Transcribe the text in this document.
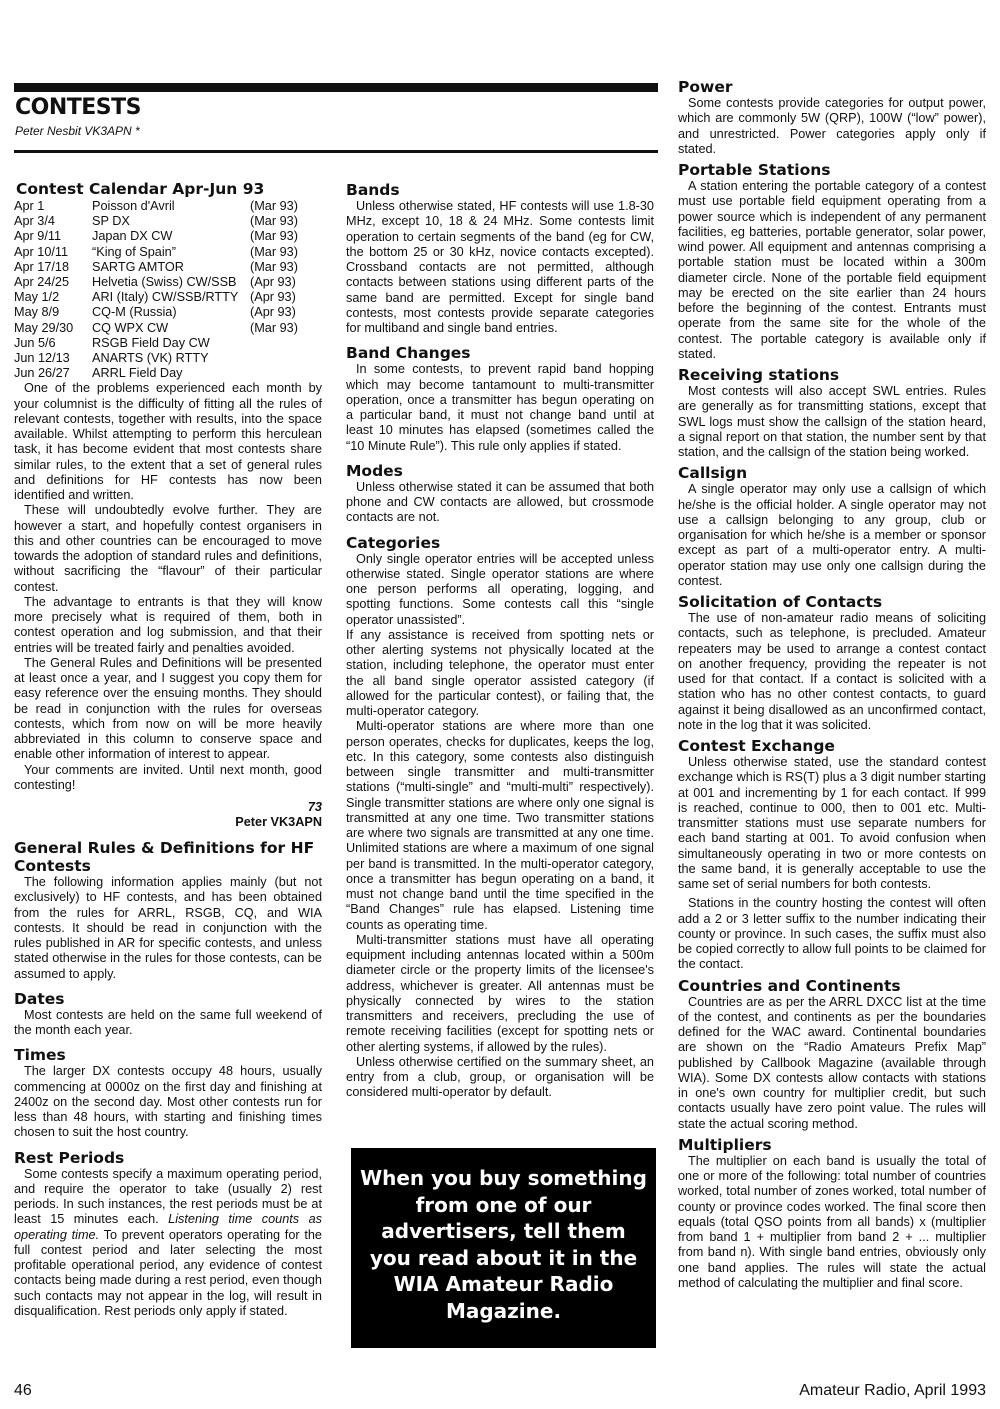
CONTESTS
Peter Nesbit VK3APN *
Contest Calendar Apr-Jun 93
Apr 1	Poisson d'Avril	(Mar 93)
Apr 3/4	SP DX	(Mar 93)
Apr 9/11	Japan DX CW	(Mar 93)
Apr 10/11	“King of Spain”	(Mar 93)
Apr 17/18	SARTG AMTOR	(Mar 93)
Apr 24/25	Helvetia (Swiss) CW/SSB	(Apr 93)
May 1/2	ARI (Italy) CW/SSB/RTTY	(Apr 93)
May 8/9	CQ-M (Russia)	(Apr 93)
May 29/30	CQ WPX CW	(Mar 93)
Jun 5/6	RSGB Field Day CW	
Jun 12/13	ANARTS (VK) RTTY	
Jun 26/27	ARRL Field Day	

One of the problems experienced each month by your columnist is the difficulty of fitting all the rules of relevant contests, together with results, into the space available. Whilst attempting to perform this herculean task, it has become evident that most contests share similar rules, to the extent that a set of general rules and definitions for HF contests has now been identified and written.

These will undoubtedly evolve further. They are however a start, and hopefully contest organisers in this and other countries can be encouraged to move towards the adoption of standard rules and definitions, without sacrificing the “flavour” of their particular contest.

The advantage to entrants is that they will know more precisely what is required of them, both in contest operation and log submission, and that their entries will be treated fairly and penalties avoided.

The General Rules and Definitions will be presented at least once a year, and I suggest you copy them for easy reference over the ensuing months. They should be read in conjunction with the rules for overseas contests, which from now on will be more heavily abbreviated in this column to conserve space and enable other information of interest to appear.

Your comments are invited. Until next month, good contesting!

73
Peter VK3APN
General Rules & Definitions for HF Contests

The following information applies mainly (but not exclusively) to HF contests, and has been obtained from the rules for ARRL, RSGB, CQ, and WIA contests. It should be read in conjunction with the rules published in AR for specific contests, and unless stated otherwise in the rules for those contests, can be assumed to apply.

Dates

Most contests are held on the same full weekend of the month each year.

Times

The larger DX contests occupy 48 hours, usually commencing at 0000z on the first day and finishing at 2400z on the second day. Most other contests run for less than 48 hours, with starting and finishing times chosen to suit the host country.

Rest Periods

Some contests specify a maximum operating period, and require the operator to take (usually 2) rest periods. In such instances, the rest periods must be at least 15 minutes each. Listening time counts as operating time. To prevent operators operating for the full contest period and later selecting the most profitable operational period, any evidence of contest contacts being made during a rest period, even though such contacts may not appear in the log, will result in disqualification. Rest periods only apply if stated.

Bands

Unless otherwise stated, HF contests will use 1.8-30 MHz, except 10, 18 & 24 MHz. Some contests limit operation to certain segments of the band (eg for CW, the bottom 25 or 30 kHz, novice contacts excepted). Crossband contacts are not permitted, although contacts between stations using different parts of the same band are permitted. Except for single band contests, most contests provide separate categories for multiband and single band entries.

Band Changes

In some contests, to prevent rapid band hopping which may become tantamount to multi-transmitter operation, once a transmitter has begun operating on a particular band, it must not change band until at least 10 minutes has elapsed (sometimes called the “10 Minute Rule”). This rule only applies if stated.

Modes

Unless otherwise stated it can be assumed that both phone and CW contacts are allowed, but crossmode contacts are not.

Categories

Only single operator entries will be accepted unless otherwise stated. Single operator stations are where one person performs all operating, logging, and spotting functions. Some contests call this “single operator unassisted”.

If any assistance is received from spotting nets or other alerting systems not physically located at the station, including telephone, the operator must enter the all band single operator assisted category (if allowed for the particular contest), or failing that, the multi-operator category.

Multi-operator stations are where more than one person operates, checks for duplicates, keeps the log, etc. In this category, some contests also distinguish between single transmitter and multi-transmitter stations (“multi-single” and “multi-multi” respectively). Single transmitter stations are where only one signal is transmitted at any one time. Two transmitter stations are where two signals are transmitted at any one time. Unlimited stations are where a maximum of one signal per band is transmitted. In the multi-operator category, once a transmitter has begun operating on a band, it must not change band until the time specified in the “Band Changes” rule has elapsed. Listening time counts as operating time.

Multi-transmitter stations must have all operating equipment including antennas located within a 500m diameter circle or the property limits of the licensee's address, whichever is greater. All antennas must be physically connected by wires to the station transmitters and receivers, precluding the use of remote receiving facilities (except for spotting nets or other alerting systems, if allowed by the rules).

Unless otherwise certified on the summary sheet, an entry from a club, group, or organisation will be considered multi-operator by default.

When you buy something from one of our advertisers, tell them you read about it in the WIA Amateur Radio Magazine.
Power

Some contests provide categories for output power, which are commonly 5W (QRP), 100W (“low” power), and unrestricted. Power categories apply only if stated.

Portable Stations

A station entering the portable category of a contest must use portable field equipment operating from a power source which is independent of any permanent facilities, eg batteries, portable generator, solar power, wind power. All equipment and antennas comprising a portable station must be located within a 300m diameter circle. None of the portable field equipment may be erected on the site earlier than 24 hours before the beginning of the contest. Entrants must operate from the same site for the whole of the contest. The portable category is available only if stated.

Receiving stations

Most contests will also accept SWL entries. Rules are generally as for transmitting stations, except that SWL logs must show the callsign of the station heard, a signal report on that station, the number sent by that station, and the callsign of the station being worked.

Callsign

A single operator may only use a callsign of which he/she is the official holder. A single operator may not use a callsign belonging to any group, club or organisation for which he/she is a member or sponsor except as part of a multi-operator entry. A multi-operator station may use only one callsign during the contest.

Solicitation of Contacts

The use of non-amateur radio means of soliciting contacts, such as telephone, is precluded. Amateur repeaters may be used to arrange a contest contact on another frequency, providing the repeater is not used for that contact. If a contact is solicited with a station who has no other contest contacts, to guard against it being disallowed as an unconfirmed contact, note in the log that it was solicited.

Contest Exchange

Unless otherwise stated, use the standard contest exchange which is RS(T) plus a 3 digit number starting at 001 and incrementing by 1 for each contact. If 999 is reached, continue to 000, then to 001 etc. Multi-transmitter stations must use separate numbers for each band starting at 001. To avoid confusion when simultaneously operating in two or more contests on the same band, it is generally acceptable to use the same set of serial numbers for both contests.

Stations in the country hosting the contest will often add a 2 or 3 letter suffix to the number indicating their county or province. In such cases, the suffix must also be copied correctly to allow full points to be claimed for the contact.

Countries and Continents

Countries are as per the ARRL DXCC list at the time of the contest, and continents as per the boundaries defined for the WAC award. Continental boundaries are shown on the “Radio Amateurs Prefix Map” published by Callbook Magazine (available through WIA). Some DX contests allow contacts with stations in one's own country for multiplier credit, but such contacts usually have zero point value. The rules will state the actual scoring method.

Multipliers

The multiplier on each band is usually the total of one or more of the following: total number of countries worked, total number of zones worked, total number of county or province codes worked. The final score then equals (total QSO points from all bands) x (multiplier from band 1 + multiplier from band 2 + ... multiplier from band n). With single band entries, obviously only one band applies. The rules will state the actual method of calculating the multiplier and final score.

46	Amateur Radio, April 1993
